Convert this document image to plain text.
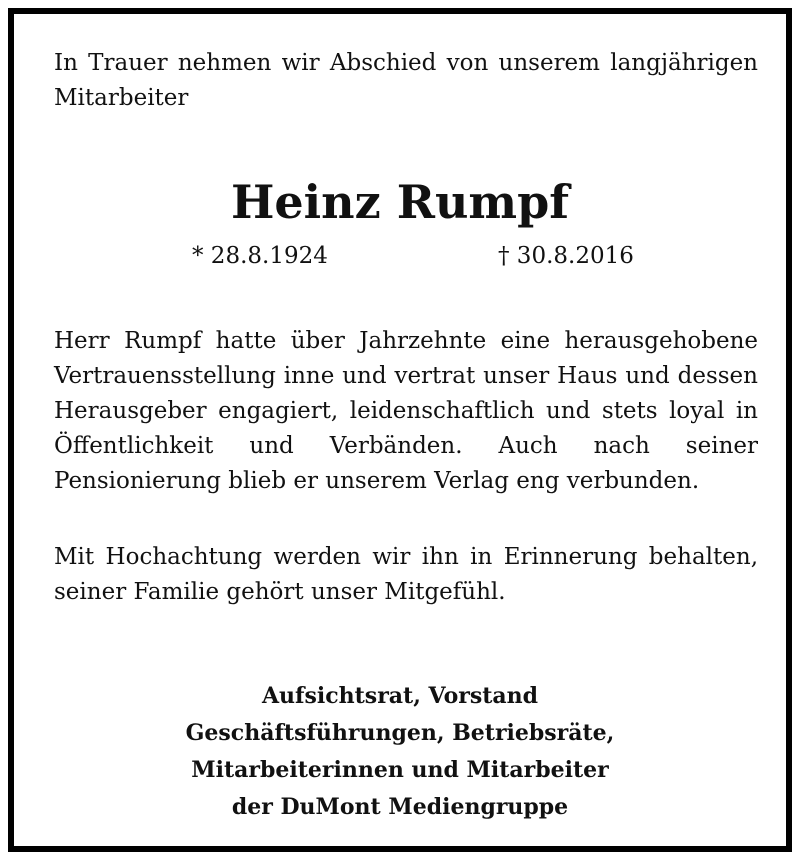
In Trauer nehmen wir Abschied von unserem langjährigen Mitarbeiter

Heinz Rumpf
* 28.8.1924	† 30.8.2016

Herr Rumpf hatte über Jahrzehnte eine herausgehobene Vertrauensstellung inne und vertrat unser Haus und dessen Herausgeber engagiert, leidenschaftlich und stets loyal in Öffentlichkeit und Verbänden. Auch nach seiner Pensionierung blieb er unserem Verlag eng verbunden.

Mit Hochachtung werden wir ihn in Erinnerung behalten, seiner Familie gehört unser Mitgefühl.

Aufsichtsrat, Vorstand
Geschäftsführungen, Betriebsräte,
Mitarbeiterinnen und Mitarbeiter
der DuMont Mediengruppe
